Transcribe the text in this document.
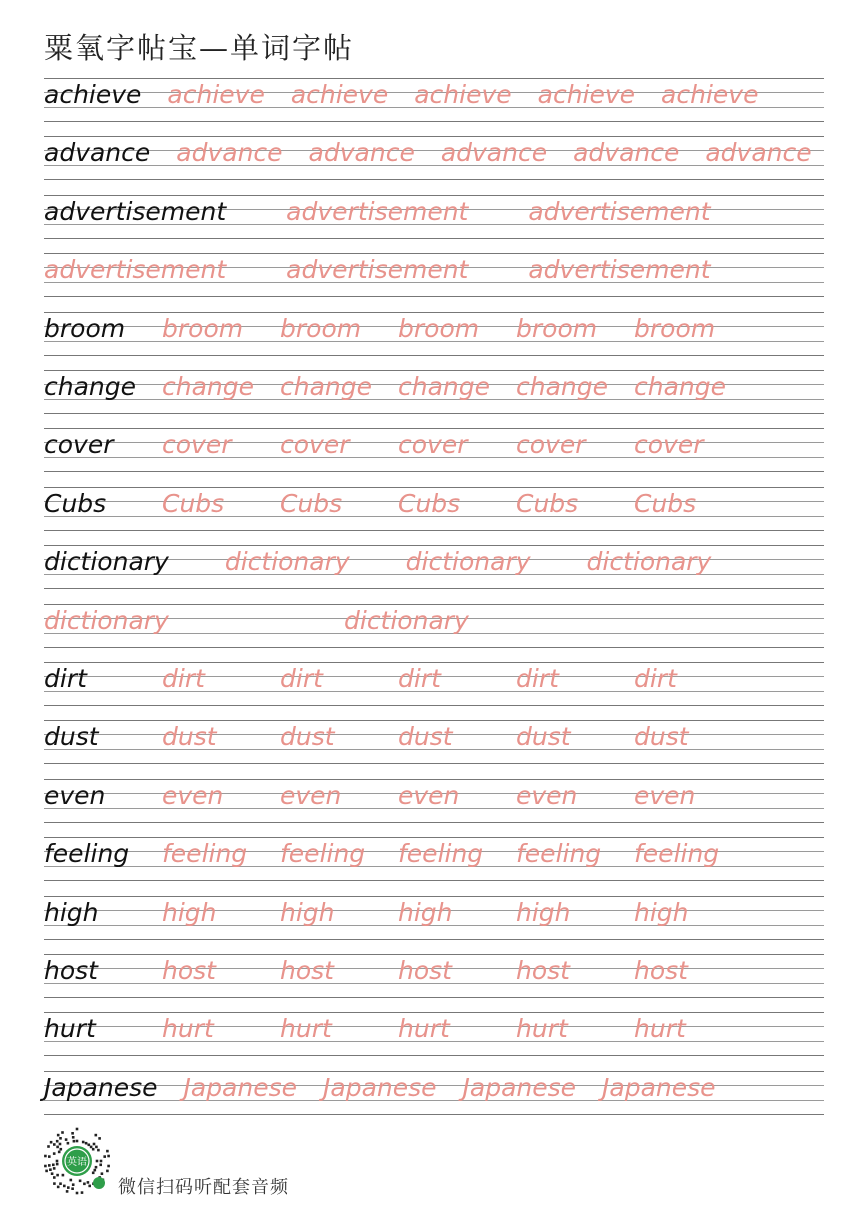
粟氧字帖宝—单词字帖
achieve achieve achieve achieve achieve achieve
advance advance advance advance advance advance
advertisement advertisement advertisement
advertisement advertisement advertisement
broom broom broom broom broom broom
change change change change change change
cover cover cover cover cover cover
Cubs Cubs Cubs Cubs Cubs Cubs
dictionary dictionary dictionary dictionary
dictionary	dictionary
dirt	dirt	dirt	dirt	dirt	dirt
dust	dust	dust	dust	dust	dust
even even even even even even
feeling feeling feeling feeling feeling feeling
high	high	high	high	high	high
host	host	host	host	host	host
hurt	hurt	hurt	hurt	hurt	hurt
Japanese Japanese Japanese Japanese Japanese
英语
微信扫码听配套音频
